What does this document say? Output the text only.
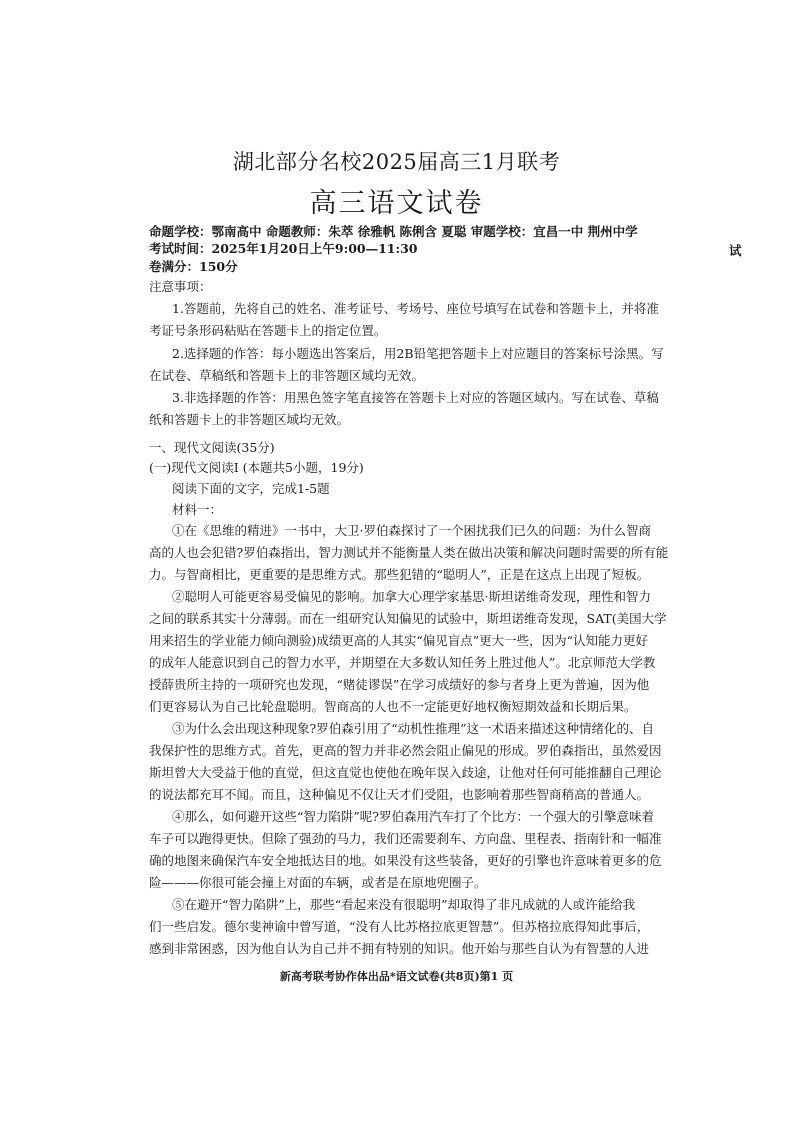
湖北部分名校2025届高三1月联考
高三语文试卷
命题学校：鄂南高中 命题教师：朱萃 徐雅帆 陈俐含 夏聪 审题学校：宜昌一中 荆州中学
考试时间：2025年1月20日上午9:00—11:30	试
卷满分：150分
注意事项：
1.答题前，先将自己的姓名、准考证号、考场号、座位号填写在试卷和答题卡上，并将准
考证号条形码粘贴在答题卡上的指定位置。
2.选择题的作答：每小题选出答案后，用2B铅笔把答题卡上对应题目的答案标号涂黑。写
在试卷、草稿纸和答题卡上的非答题区域均无效。
3.非选择题的作答：用黑色签字笔直接答在答题卡上对应的答题区域内。写在试卷、草稿
纸和答题卡上的非答题区域均无效。
一、现代文阅读(35分)
(一)现代文阅读Ⅰ (本题共5小题，19分)
阅读下面的文字，完成1-5题
材料一：
①在《思维的精进》一书中，大卫·罗伯森探讨了一个困扰我们已久的问题：为什么智商
高的人也会犯错?罗伯森指出，智力测试并不能衡量人类在做出决策和解决问题时需要的所有能
力。与智商相比，更重要的是思维方式。那些犯错的“聪明人”，正是在这点上出现了短板。
②聪明人可能更容易受偏见的影响。加拿大心理学家基思·斯坦诺维奇发现，理性和智力
之间的联系其实十分薄弱。而在一组研究认知偏见的试验中，斯坦诺维奇发现，SAT(美国大学
用来招生的学业能力倾向测验)成绩更高的人其实“偏见盲点”更大一些，因为“认知能力更好
的成年人能意识到自己的智力水平，并期望在大多数认知任务上胜过他人”。北京师范大学教
授薛贵所主持的一项研究也发现，“赌徒谬误”在学习成绩好的参与者身上更为普遍，因为他
们更容易认为自己比轮盘聪明。智商高的人也不一定能更好地权衡短期效益和长期后果。
③为什么会出现这种现象?罗伯森引用了“动机性推理”这一术语来描述这种情绪化的、自
我保护性的思维方式。首先，更高的智力并非必然会阻止偏见的形成。罗伯森指出，虽然爱因
斯坦曾大大受益于他的直觉，但这直觉也使他在晚年误入歧途，让他对任何可能推翻自己理论
的说法都充耳不闻。而且，这种偏见不仅让天才们受阻，也影响着那些智商稍高的普通人。
④那么，如何避开这些“智力陷阱”呢?罗伯森用汽车打了个比方：一个强大的引擎意味着
车子可以跑得更快。但除了强劲的马力，我们还需要刹车、方向盘、里程表、指南针和一幅准
确的地图来确保汽车安全地抵达目的地。如果没有这些装备，更好的引擎也许意味着更多的危
险———你很可能会撞上对面的车辆，或者是在原地兜圈子。
⑤在避开“智力陷阱”上，那些“看起来没有很聪明”却取得了非凡成就的人或许能给我
新高考联考协作体出品*语文试卷(共8页)第1 页
们一些启发。德尔斐神谕中曾写道，“没有人比苏格拉底更智慧”。但苏格拉底得知此事后，
感到非常困惑，因为他自认为自己并不拥有特别的知识。他开始与那些自认为有智慧的人进
